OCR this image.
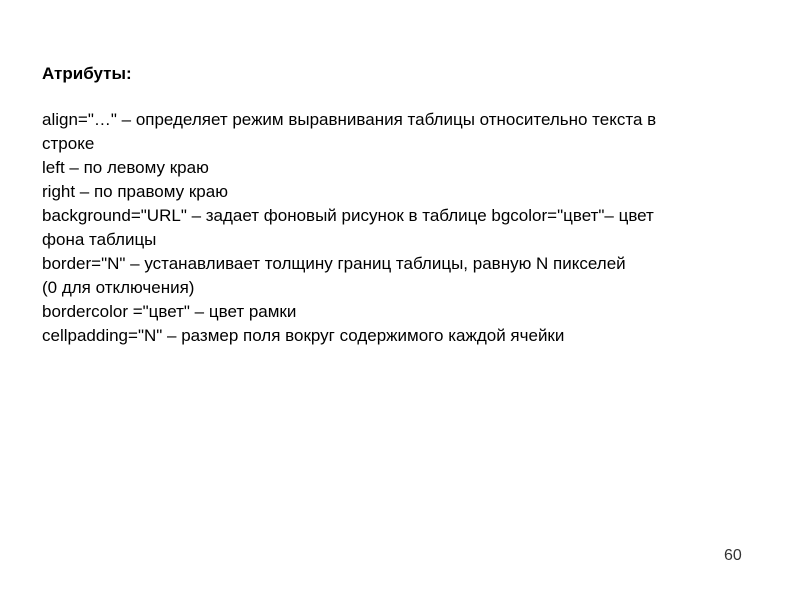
Атрибуты:
align="…" – определяет режим выравнивания таблицы относительно текста в
строке
left – по левому краю
right – по правому краю
background="URL" – задает фоновый рисунок в таблице bgcolor="цвет"– цвет
фона таблицы
border="N" – устанавливает толщину границ таблицы, равную N пикселей
(0 для отключения)
bordercolor ="цвет" – цвет рамки
cellpadding="N" – размер поля вокруг содержимого каждой ячейки
60
